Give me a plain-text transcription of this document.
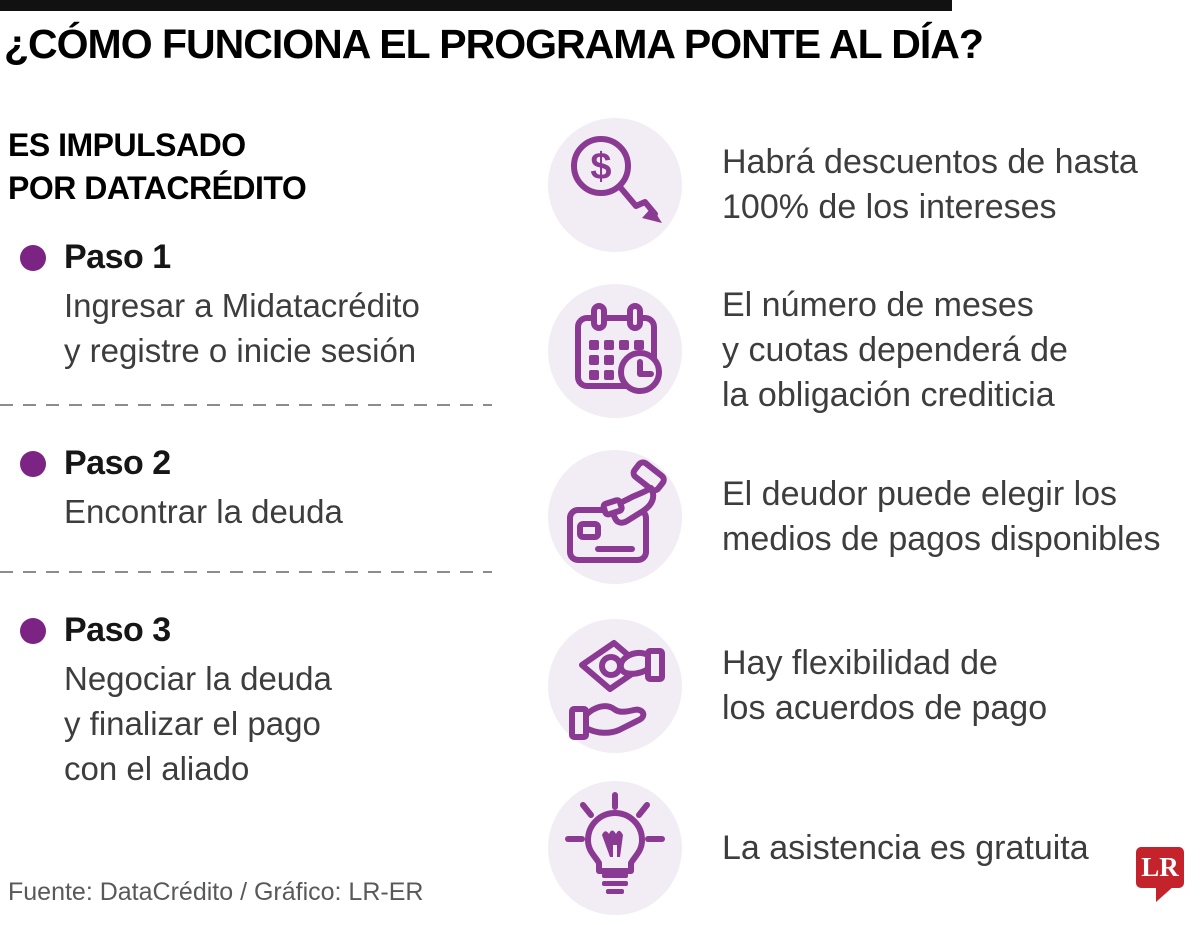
¿CÓMO FUNCIONA EL PROGRAMA PONTE AL DÍA?
ES IMPULSADO
POR DATACRÉDITO
Paso 1
Ingresar a Midatacrédito
y registre o inicie sesión
Paso 2
Encontrar la deuda
Paso 3
Negociar la deuda
y finalizar el pago
con el aliado
$	Habrá descuentos de hasta
100% de los intereses
El número de meses
y cuotas dependerá de
la obligación crediticia
El deudor puede elegir los
medios de pagos disponibles
Hay flexibilidad de
los acuerdos de pago
La asistencia es gratuita
Fuente: DataCrédito / Gráfico: LR-ER
LR
